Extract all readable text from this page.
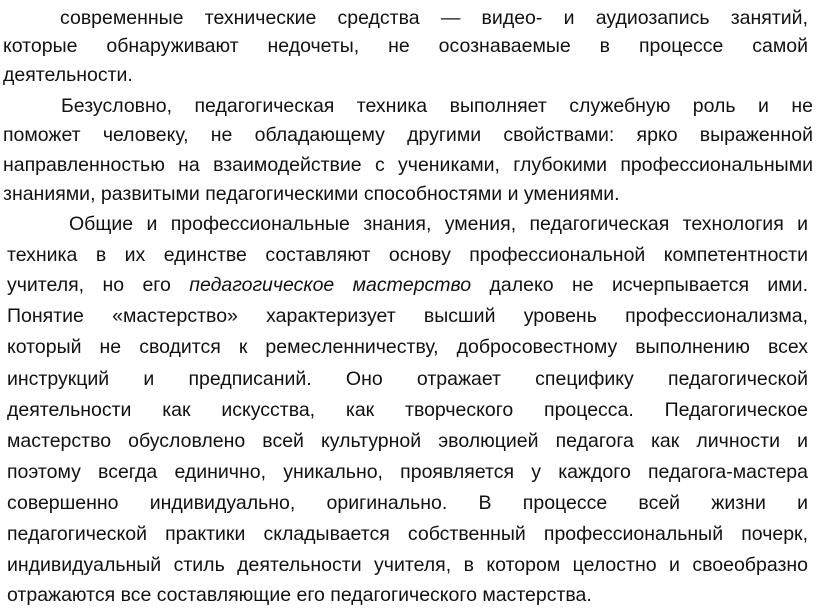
современные технические средства — видео- и аудиозапись занятий,
которые обнаруживают недочеты, не осознаваемые в процессе самой
деятельности.
Безусловно, педагогическая техника выполняет служебную роль и не
поможет человеку, не обладающему другими свойствами: ярко выраженной
направленностью на взаимодействие с учениками, глубокими профессиональными
знаниями, развитыми педагогическими способностями и умениями.
Общие и профессиональные знания, умения, педагогическая технология и
техника в их единстве составляют основу профессиональной компетентности
учителя, но его педагогическое мастерство далеко не исчерпывается ими.
Понятие «мастерство» характеризует высший уровень профессионализма,
который не сводится к ремесленничеству, добросовестному выполнению всех
инструкций и предписаний. Оно отражает специфику педагогической
деятельности как искусства, как творческого процесса. Педагогическое
мастерство обусловлено всей культурной эволюцией педагога как личности и
поэтому всегда единично, уникально, проявляется у каждого педагога-мастера
совершенно индивидуально, оригинально. В процессе всей жизни и
педагогической практики складывается собственный профессиональный почерк,
индивидуальный стиль деятельности учителя, в котором целостно и своеобразно
отражаются все составляющие его педагогического мастерства.
